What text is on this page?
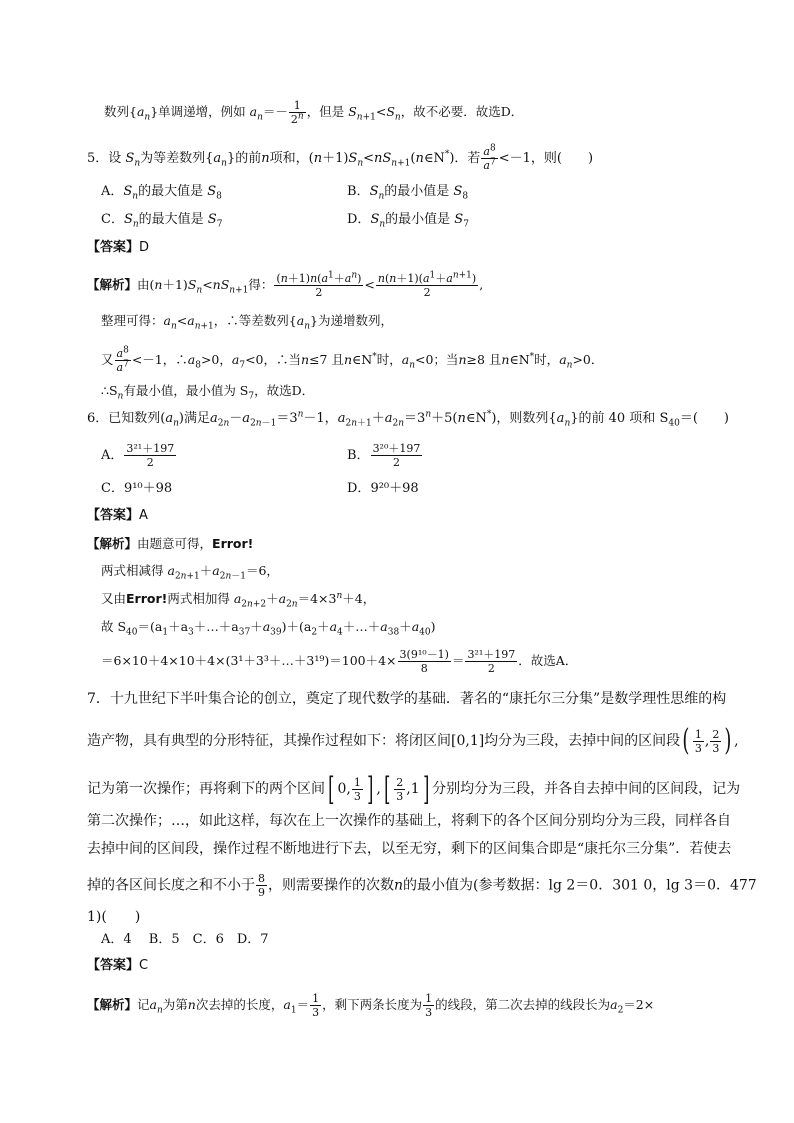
数列$\{a_n\}$单调递增，例如 $a_n=- \frac{1}{2^n}$ ，但是 $S_{n+1}<S_n$，故不必要．故选D．
5．设 $S_n$为等差数列$\{a_n\}$的前n项和，$(n+1)S_n<nS_{n+1}(n\in N^*)$．若 $\frac{a^8}{a^7} <-1$，则(　　)
A．$S_n$的最大值是 $S_8$	B．$S_n$的最小值是 $S_8$
C．$S_n$的最大值是 $S_7$	D．$S_n$的最小值是 $S_7$
【答案】D
【解析】由$(n+1)S_n<nS_{n+1}$得： $\frac{(n+1)n(a^1+a^n)}{2} < \frac{n(n+1)(a^1+a^{n+1})}{2}$ ,
整理可得：$a_n<a_{n+1}$，∴等差数列$\{a_n\}$为递增数列，
又 $\frac{a^8}{a^7} <-1$，$\therefore a_8>0$，$a_7<0$，∴当n≤7 且n∈N*时，$a_n<0$；当n≥8 且n∈N*时，$a_n>0$．
$\therefore S_n$有最小值，最小值为 $S_7$，故选D．
6．已知数列$(a_n)$满足$a_{2n}-a_{2n-1}=3^n-1$，$a_{2n+1}+a_{2n}=3^n+5(n\in N^*)$，则数列$\{a_n\}$的前 40 项和 $S_{40}=$(　　)
A． $\frac{\text{3²¹＋197}}{2}$	B． $\frac{\text{3²⁰＋197}}{2}$
C．9¹⁰＋98	D．9²⁰＋98
【答案】A
【解析】由题意可得，Error!
两式相减得 $a_{2n+1}+a_{2n-1}=6$，
又由Error!两式相加得 $a_{2n+2}+a_{2n}=4\times 3^n+4$，
故 $S_{40}=(a_1+a_3+\dots+a_{37}+a_{39})+(a_2+a_4+\dots+a_{38}+a_{40})$
＝6×10＋4×10＋4×(3¹＋3³＋…＋3¹⁹)＝100＋4× $\frac{\text{3(9¹⁰－1)}}{8} = \frac{\text{3²¹＋197}}{2}$ ．故选A．
7．十九世纪下半叶集合论的创立，奠定了现代数学的基础．著名的“康托尔三分集”是数学理性思维的构
造产物，具有典型的分形特征，其操作过程如下：将闭区间[0,1]均分为三段，去掉中间的区间段( $\frac{1}{3}$ , $\frac{2}{3}$ ) ,
记为第一次操作；再将剩下的两个区间[ 0, $\frac{1}{3}$ ] ,[ $\frac{2}{3} ,1$] 分别均分为三段，并各自去掉中间的区间段，记为
第二次操作；…，如此这样，每次在上一次操作的基础上，将剩下的各个区间分别均分为三段，同样各自
去掉中间的区间段，操作过程不断地进行下去，以至无穷，剩下的区间集合即是“康托尔三分集”．若使去
掉的各区间长度之和不小于 $\frac{8}{9}$ ，则需要操作的次数n的最小值为(参考数据：lg 2＝0．301 0，lg 3＝0．477
1)(　　)
A．4　 B．5　C．6　D．7
【答案】C
【解析】记$a_n$为第n次去掉的长度，$a_1= \frac{1}{3}$ ，剩下两条长度为 $\frac{1}{3}$ 的线段，第二次去掉的线段长为$a_2=2\times$
